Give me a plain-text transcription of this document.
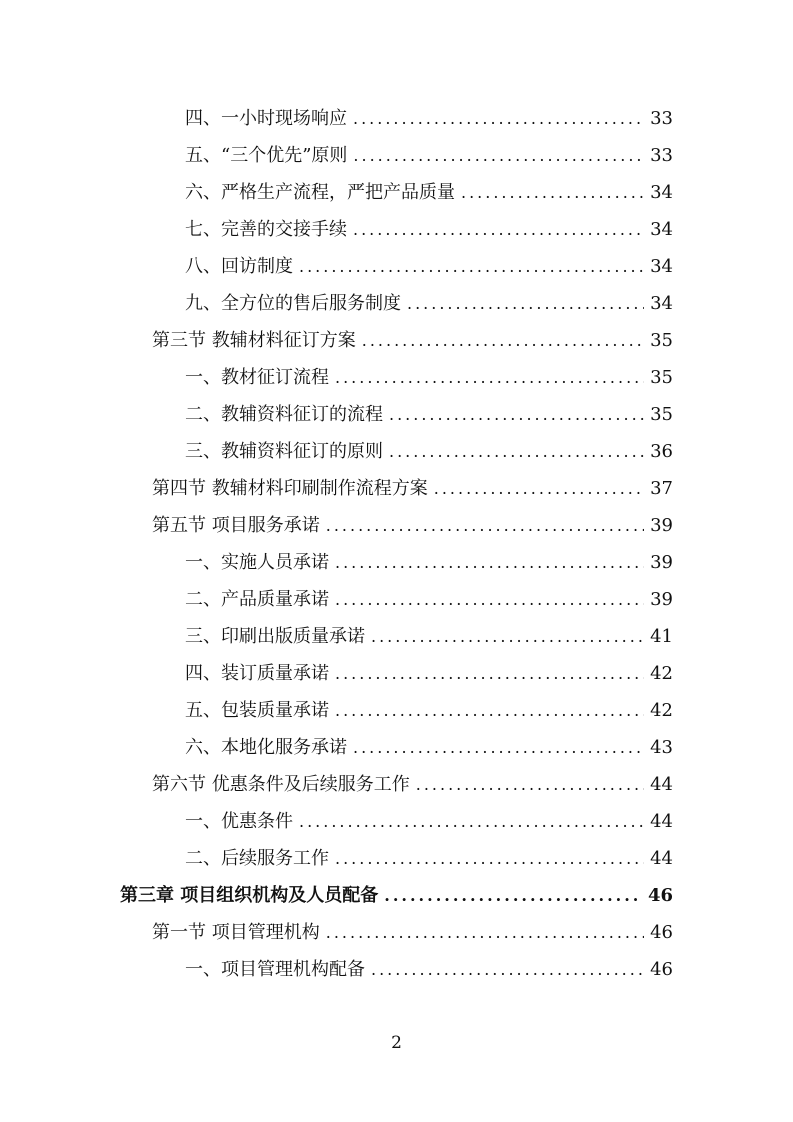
四、一小时现场响应 .....	33
五、“三个优先”原则 .....	33
六、严格生产流程，严把产品质量 .....	34
七、完善的交接手续 .....	34
八、回访制度 .....	34
九、全方位的售后服务制度 .....	34
第三节 教辅材料征订方案 .....	35
一、教材征订流程 .....	35
二、教辅资料征订的流程 .....	35
三、教辅资料征订的原则 .....	36
第四节 教辅材料印刷制作流程方案 .....	37
第五节 项目服务承诺 .....	39
一、实施人员承诺 .....	39
二、产品质量承诺 .....	39
三、印刷出版质量承诺 .....	41
四、装订质量承诺 .....	42
五、包装质量承诺 .....	42
六、本地化服务承诺 .....	43
第六节 优惠条件及后续服务工作 .....	44
一、优惠条件 .....	44
二、后续服务工作 .....	44
第三章 项目组织机构及人员配备 .....	46
第一节 项目管理机构 .....	46
一、项目管理机构配备 .....	46
2
